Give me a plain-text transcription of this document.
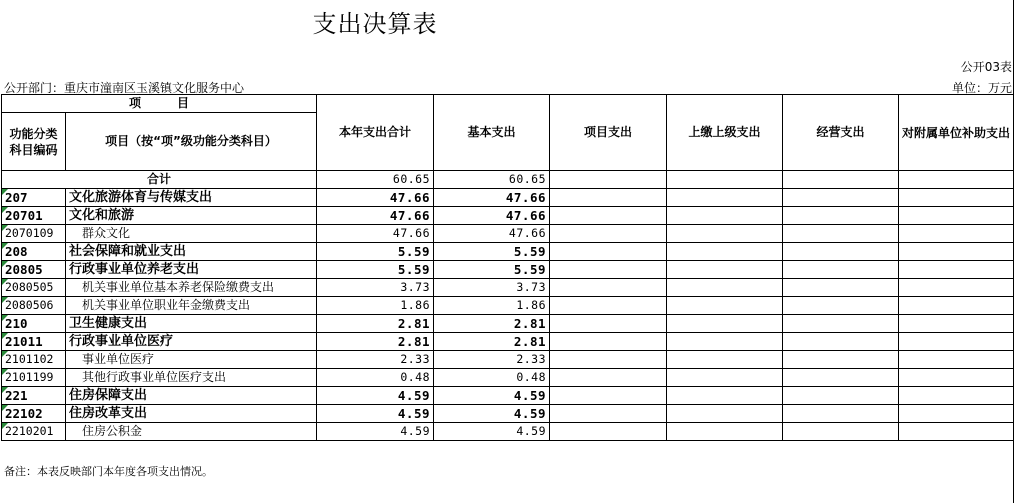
支出决算表
公开03表
公开部门：重庆市潼南区玉溪镇文化服务中心	单位：万元
项　　　目		本年支出合计	基本支出	项目支出	上缴上级支出	经营支出	对附属单位补助支出
功能分类科目编码	项目（按“项”级功能分类科目）						
合计		60.65	60.65				
207	文化旅游体育与传媒支出	47.66	47.66				
20701	文化和旅游	47.66	47.66				
2070109	群众文化	47.66	47.66				
208	社会保障和就业支出	5.59	5.59				
20805	行政事业单位养老支出	5.59	5.59				
2080505	机关事业单位基本养老保险缴费支出	3.73	3.73				
2080506	机关事业单位职业年金缴费支出	1.86	1.86				
210	卫生健康支出	2.81	2.81				
21011	行政事业单位医疗	2.81	2.81				
2101102	事业单位医疗	2.33	2.33				
2101199	其他行政事业单位医疗支出	0.48	0.48				
221	住房保障支出	4.59	4.59				
22102	住房改革支出	4.59	4.59				
2210201	住房公积金	4.59	4.59				
备注：本表反映部门本年度各项支出情况。
